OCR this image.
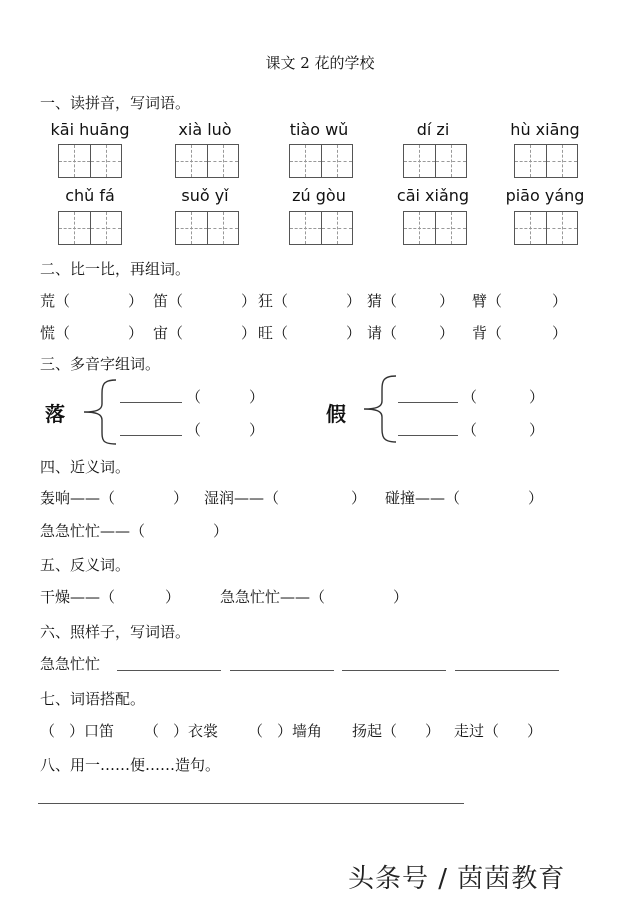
课文 2 花的学校
一、读拼音，写词语。
kāi huāng	xià luò	tiào wǔ	dí zi	hù xiāng
chǔ fá	suǒ yǐ	zú gòu	cāi xiǎng	piāo yáng
二、比一比，再组词。
荒（	） 笛（	） 狂（	） 猜（	） 臂（	）
慌（	） 宙（	） 旺（	） 请（	） 背（	）
三、多音字组词。
落
（	）
（	）
假
（	）
（	）
四、近义词。
轰响——（	） 湿润——（	） 碰撞——（	）
急急忙忙——（	）
五、反义词。
干燥——（	）	急急忙忙——（	）
六、照样子，写词语。
急急忙忙
七、词语搭配。
（ ）口笛 （ ）衣裳 （ ）墙角 扬起（ ） 走过（ ）
八、用一……便……造句。
头条号 / 茵茵教育
